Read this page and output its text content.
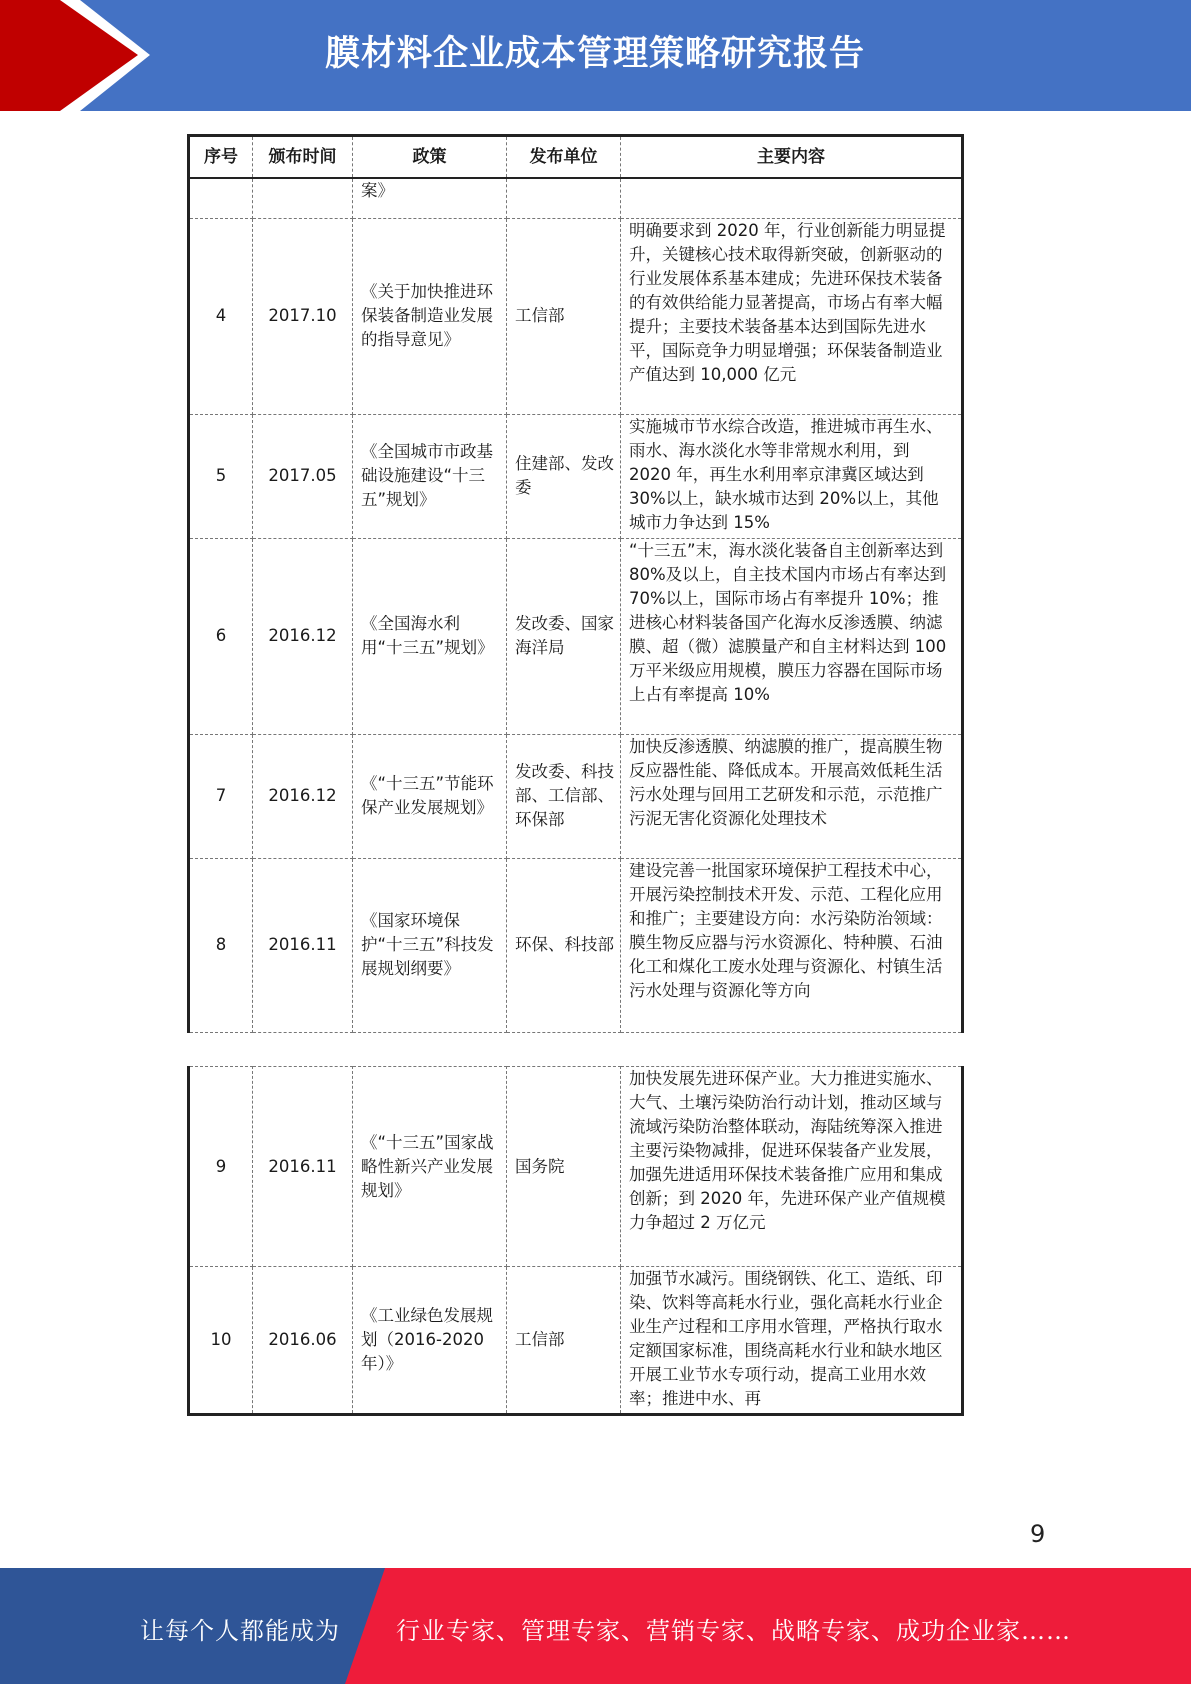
膜材料企业成本管理策略研究报告
序号	颁布时间	政策	发布单位	主要内容
		案》		
4	2017.10	《关于加快推进环保装备制造业发展的指导意见》	工信部	明确要求到 2020 年，行业创新能力明显提升，关键核心技术取得新突破，创新驱动的行业发展体系基本建成；先进环保技术装备的有效供给能力显著提高，市场占有率大幅提升；主要技术装备基本达到国际先进水平，国际竞争力明显增强；环保装备制造业产值达到 10,000 亿元
5	2017.05	《全国城市市政基础设施建设“十三五”规划》	住建部、发改委	实施城市节水综合改造，推进城市再生水、雨水、海水淡化水等非常规水利用，到 2020 年，再生水利用率京津冀区域达到 30%以上，缺水城市达到 20%以上，其他城市力争达到 15%
6	2016.12	《全国海水利用“十三五”规划》	发改委、国家海洋局	“十三五”末，海水淡化装备自主创新率达到 80%及以上，自主技术国内市场占有率达到 70%以上，国际市场占有率提升 10%；推进核心材料装备国产化海水反渗透膜、纳滤膜、超（微）滤膜量产和自主材料达到 100 万平米级应用规模，膜压力容器在国际市场上占有率提高 10%
7	2016.12	《“十三五”节能环保产业发展规划》	发改委、科技部、工信部、环保部	加快反渗透膜、纳滤膜的推广，提高膜生物反应器性能、降低成本。开展高效低耗生活污水处理与回用工艺研发和示范，示范推广污泥无害化资源化处理技术
8	2016.11	《国家环境保护“十三五”科技发展规划纲要》	环保、科技部	建设完善一批国家环境保护工程技术中心，开展污染控制技术开发、示范、工程化应用和推广；主要建设方向：水污染防治领域：膜生物反应器与污水资源化、特种膜、石油化工和煤化工废水处理与资源化、村镇生活污水处理与资源化等方向
9	2016.11	《“十三五”国家战略性新兴产业发展规划》	国务院	加快发展先进环保产业。大力推进实施水、大气、土壤污染防治行动计划，推动区域与流域污染防治整体联动，海陆统筹深入推进主要污染物减排，促进环保装备产业发展，加强先进适用环保技术装备推广应用和集成创新；到 2020 年，先进环保产业产值规模力争超过 2 万亿元
10	2016.06	《工业绿色发展规划（2016-2020 年）》	工信部	加强节水减污。围绕钢铁、化工、造纸、印染、饮料等高耗水行业，强化高耗水行业企业生产过程和工序用水管理，严格执行取水定额国家标准，围绕高耗水行业和缺水地区开展工业节水专项行动，提高工业用水效率；推进中水、再
9
让每个人都能成为 行业专家、管理专家、营销专家、战略专家、成功企业家……
